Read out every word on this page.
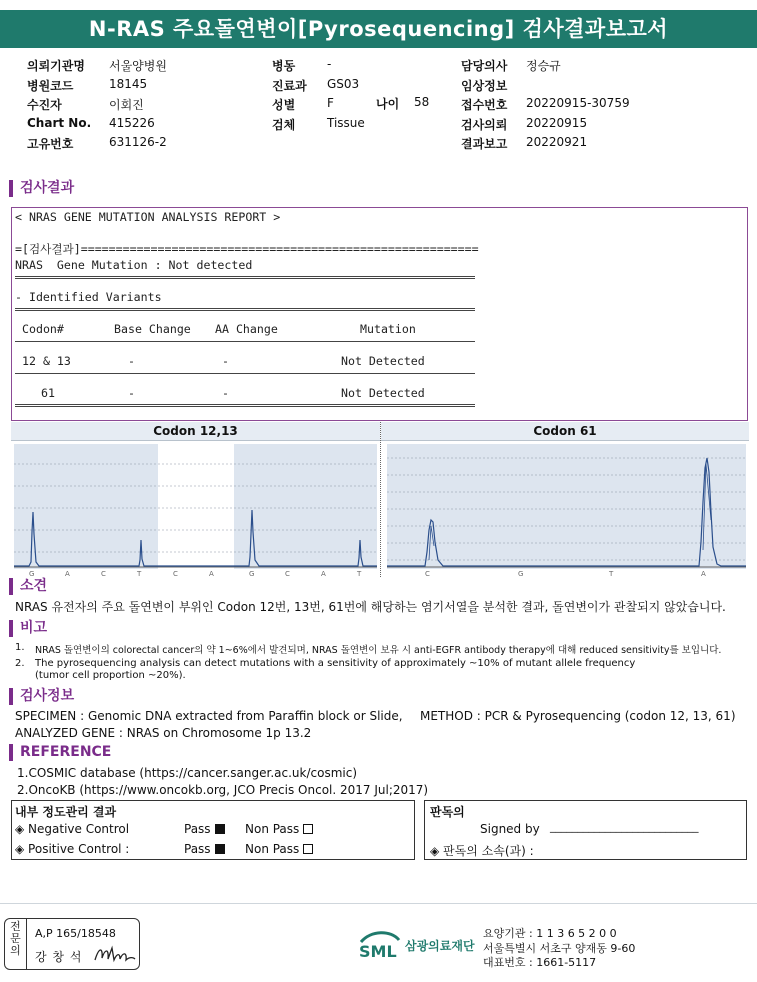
N-RAS 주요돌연변이[Pyrosequencing] 검사결과보고서
의뢰기관명 서울양병원
병원코드	18145
수진자	이회진
Chart No. 415226
고유번호	631126-2
병동	-
진료과 GS03
성별	F
검체	Tissue
담당의사 정승규
임상정보
접수번호 20220915-30759
검사의뢰 20220915
결과보고 20220921
나이 58
검사결과
< NRAS GENE MUTATION ANALYSIS REPORT >
=[검사결과]=========================================================
NRAS  Gene Mutation : Not detected
- Identified Variants
Codon#	Base Change AA Change	Mutation
12 & 13	-	-	Not Detected
61	-	-	Not Detected
Codon 12,13
G	A	C	T	C	A	G	C	A	T
Codon 61
C	G	T	A
소견
NRAS 유전자의 주요 돌연변이 부위인 Codon 12번, 13번, 61번에 해당하는 염기서열을 분석한 결과, 돌연변이가 관찰되지 않았습니다.
비고
1. NRAS 돌연변이의 colorectal cancer의 약 1~6%에서 발견되며, NRAS 돌연변이 보유 시 anti-EGFR antibody therapy에 대해 reduced sensitivity를 보입니다.
2. The pyrosequencing analysis can detect mutations with a sensitivity of approximately ~10% of mutant allele frequency
(tumor cell proportion ~20%).
검사정보
SPECIMEN : Genomic DNA extracted from Paraffin block or Slide, METHOD : PCR & Pyrosequencing (codon 12, 13, 61)
ANALYZED GENE : NRAS on Chromosome 1p 13.2
REFERENCE
1.COSMIC database (https://cancer.sanger.ac.uk/cosmic)
2.OncoKB (https://www.oncokb.org, JCO Precis Oncol. 2017 Jul;2017)
내부 정도관리 결과
◈ Negative Control	Pass	Non Pass
◈ Positive Control :	Pass	Non Pass
판독의
Signed by ___________________________
◈ 판독의 소속(과) :
전문의
A,P 165/18548
강 창 석	SML 삼광의료재단
요양기관 : 1 1 3 6 5 2 0 0
서울특별시 서초구 양재동 9-60
대표번호 : 1661-5117
